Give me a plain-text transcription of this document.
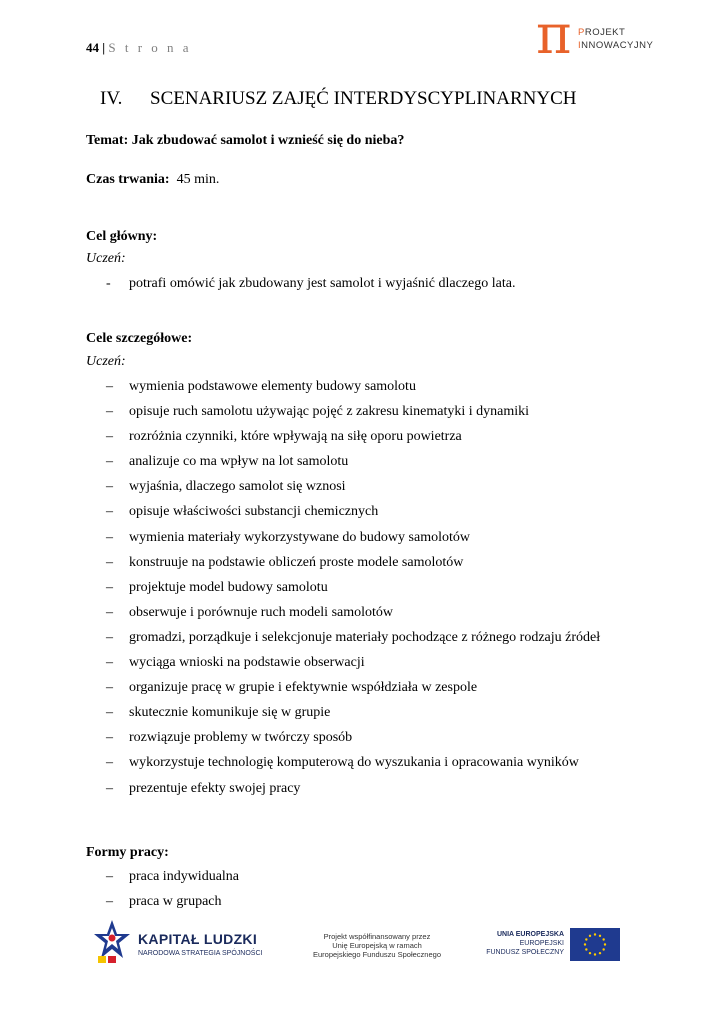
44 | S t r o n a	π PROJEKT
INNOWACYJNY
IV. SCENARIUSZ ZAJĘĆ INTERDYSCYPLINARNYCH

Temat: Jak zbudować samolot i wznieść się do nieba?

Czas trwania: 45 min.

Cel główny:

Uczeń:

- potrafi omówić jak zbudowany jest samolot i wyjaśnić dlaczego lata.

Cele szczegółowe:

Uczeń:

– wymienia podstawowe elementy budowy samolotu
– opisuje ruch samolotu używając pojęć z zakresu kinematyki i dynamiki
– rozróżnia czynniki, które wpływają na siłę oporu powietrza
– analizuje co ma wpływ na lot samolotu
– wyjaśnia, dlaczego samolot się wznosi
– opisuje właściwości substancji chemicznych
– wymienia materiały wykorzystywane do budowy samolotów
– konstruuje na podstawie obliczeń proste modele samolotów
– projektuje model budowy samolotu
– obserwuje i porównuje ruch modeli samolotów
– gromadzi, porządkuje i selekcjonuje materiały pochodzące z różnego rodzaju źródeł
– wyciąga wnioski na podstawie obserwacji
– organizuje pracę w grupie i efektywnie współdziała w zespole
– skutecznie komunikuje się w grupie
– rozwiązuje problemy w twórczy sposób
– wykorzystuje technologię komputerową do wyszukania i opracowania wyników
– prezentuje efekty swojej pracy

Formy pracy:

– praca indywidualna
– praca w grupach
KAPITAŁ LUDZKI
NARODOWA STRATEGIA SPÓJNOŚCI
Projekt współfinansowany przez
Unię Europejską w ramach
Europejskiego Funduszu Społecznego
UNIA EUROPEJSKA
EUROPEJSKI
FUNDUSZ SPOŁECZNY
